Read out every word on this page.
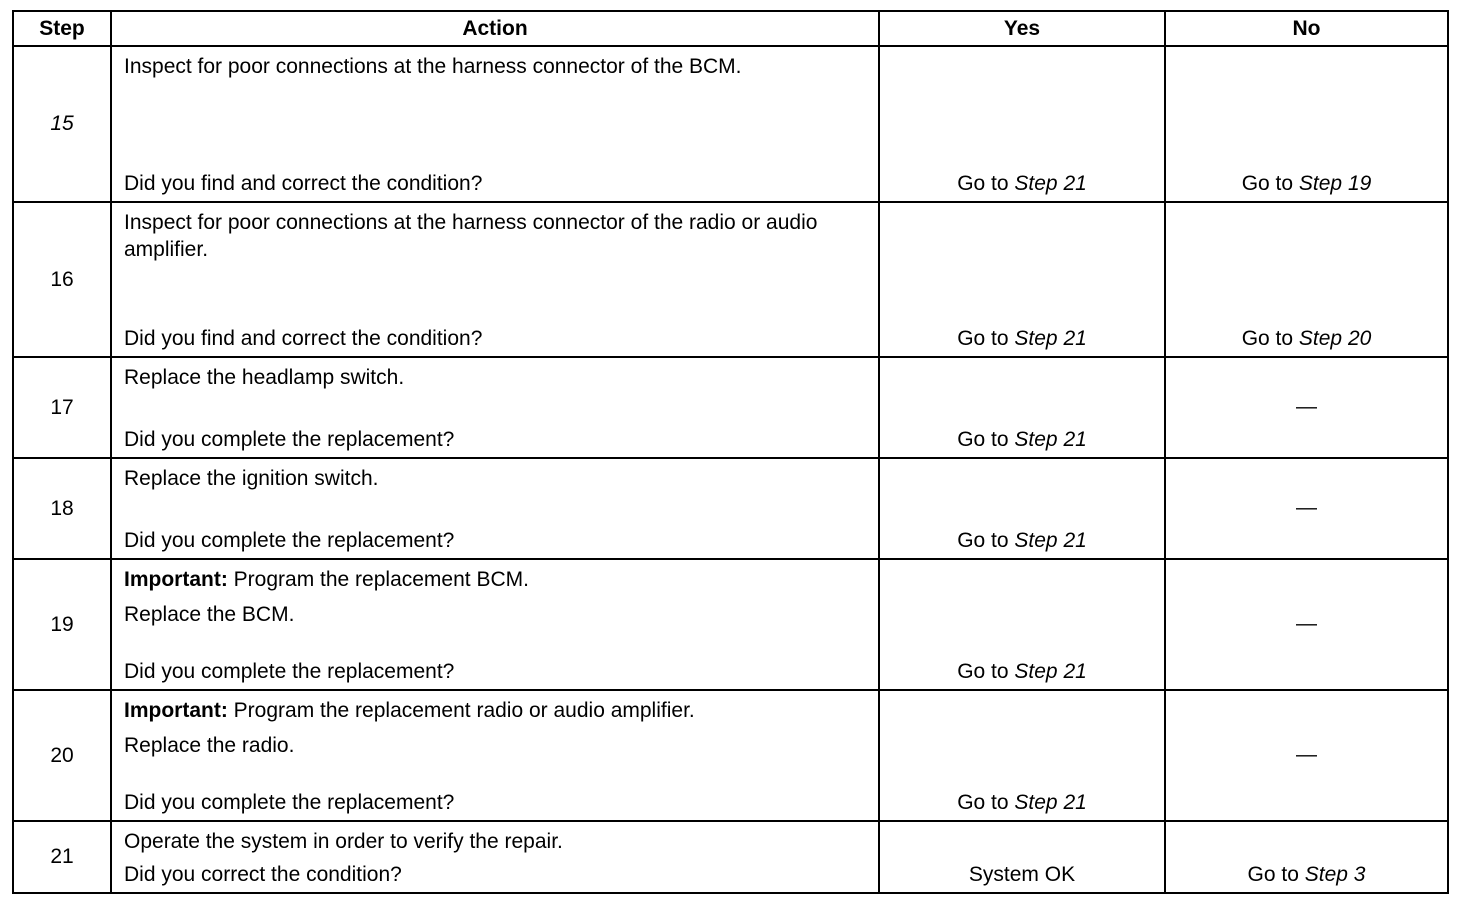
Step	Action	Yes	No
15	Inspect for poor connections at the harness connector of the BCM.
Did you find and correct the condition?	Go to Step 21	Go to Step 19

16	Inspect for poor connections at the harness connector of the radio or audio amplifier.
Did you find and correct the condition?	Go to Step 21	Go to Step 20

17	Replace the headlamp switch.
Did you complete the replacement?	Go to Step 21	—

18	Replace the ignition switch.
Did you complete the replacement?	Go to Step 21	—

19	Important: Program the replacement BCM.
Replace the BCM.
Did you complete the replacement?	Go to Step 21	—

20	Important: Program the replacement radio or audio amplifier.
Replace the radio.
Did you complete the replacement?	Go to Step 21	—

21	Operate the system in order to verify the repair.
Did you correct the condition?	System OK	Go to Step 3
